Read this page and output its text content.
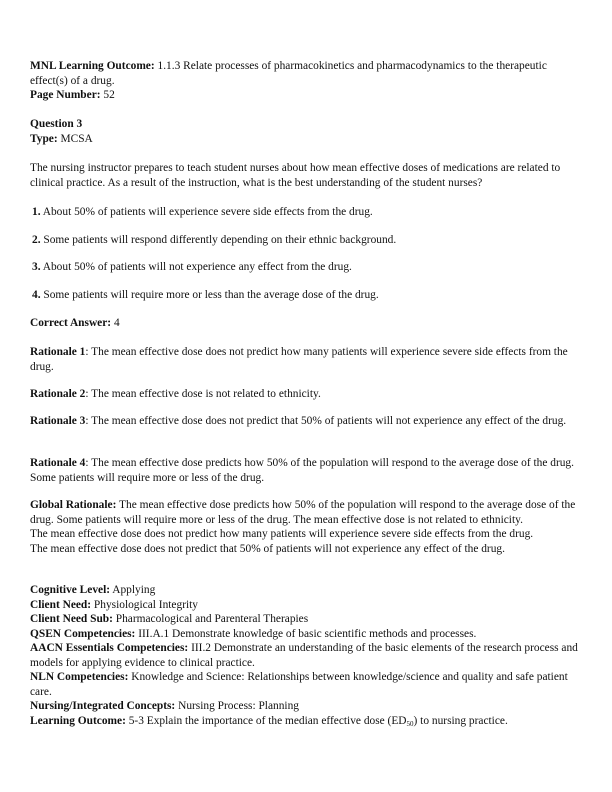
MNL Learning Outcome: 1.1.3 Relate processes of pharmacokinetics and pharmacodynamics to the therapeutic effect(s) of a drug.
Page Number: 52
Question 3
Type: MCSA
The nursing instructor prepares to teach student nurses about how mean effective doses of medications are related to clinical practice. As a result of the instruction, what is the best understanding of the student nurses?
1. About 50% of patients will experience severe side effects from the drug.
2. Some patients will respond differently depending on their ethnic background.
3. About 50% of patients will not experience any effect from the drug.
4. Some patients will require more or less than the average dose of the drug.
Correct Answer: 4
Rationale 1: The mean effective dose does not predict how many patients will experience severe side effects from the drug.
Rationale 2: The mean effective dose is not related to ethnicity.
Rationale 3: The mean effective dose does not predict that 50% of patients will not experience any effect of the drug.
Rationale 4: The mean effective dose predicts how 50% of the population will respond to the average dose of the drug. Some patients will require more or less of the drug.
Global Rationale: The mean effective dose predicts how 50% of the population will respond to the average dose of the drug. Some patients will require more or less of the drug. The mean effective dose is not related to ethnicity.
The mean effective dose does not predict how many patients will experience severe side effects from the drug.
The mean effective dose does not predict that 50% of patients will not experience any effect of the drug.
Cognitive Level: Applying
Client Need: Physiological Integrity
Client Need Sub: Pharmacological and Parenteral Therapies
QSEN Competencies: III.A.1 Demonstrate knowledge of basic scientific methods and processes.
AACN Essentials Competencies: III.2 Demonstrate an understanding of the basic elements of the research process and models for applying evidence to clinical practice.
NLN Competencies: Knowledge and Science: Relationships between knowledge/science and quality and safe patient care.
Nursing/Integrated Concepts: Nursing Process: Planning
Learning Outcome: 5-3 Explain the importance of the median effective dose $(ED_{50})$ to nursing practice.
